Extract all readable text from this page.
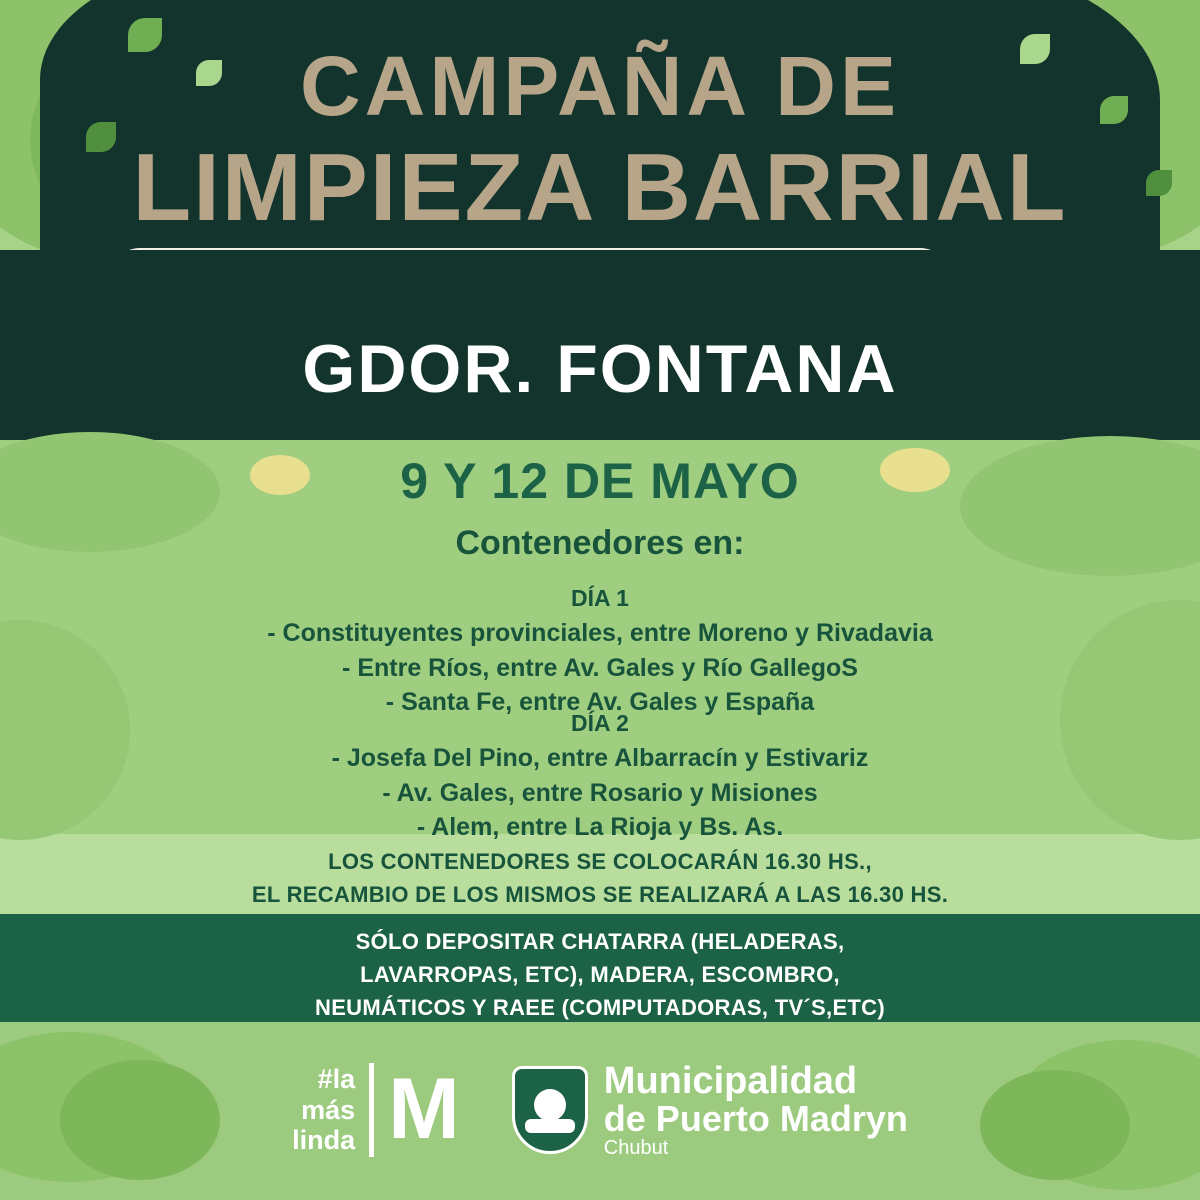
CAMPAÑA DE
LIMPIEZA BARRIAL
GDOR. FONTANA
9 Y 12 DE MAYO
Contenedores en:
DÍA 1
- Constituyentes provinciales, entre Moreno y Rivadavia
- Entre Ríos, entre Av. Gales y Río GallegoS
- Santa Fe, entre Av. Gales y España
DÍA 2
- Josefa Del Pino, entre Albarracín y Estivariz
- Av. Gales, entre Rosario y Misiones
- Alem, entre La Rioja y Bs. As.
LOS CONTENEDORES SE COLOCARÁN 16.30 HS.,
EL RECAMBIO DE LOS MISMOS SE REALIZARÁ A LAS 16.30 HS.
SÓLO DEPOSITAR CHATARRA (HELADERAS,
LAVARROPAS, ETC), MADERA, ESCOMBRO,
NEUMÁTICOS Y RAEE (COMPUTADORAS, TV´S,ETC)
#la
más
linda M	Municipalidad
de Puerto Madryn
Chubut
